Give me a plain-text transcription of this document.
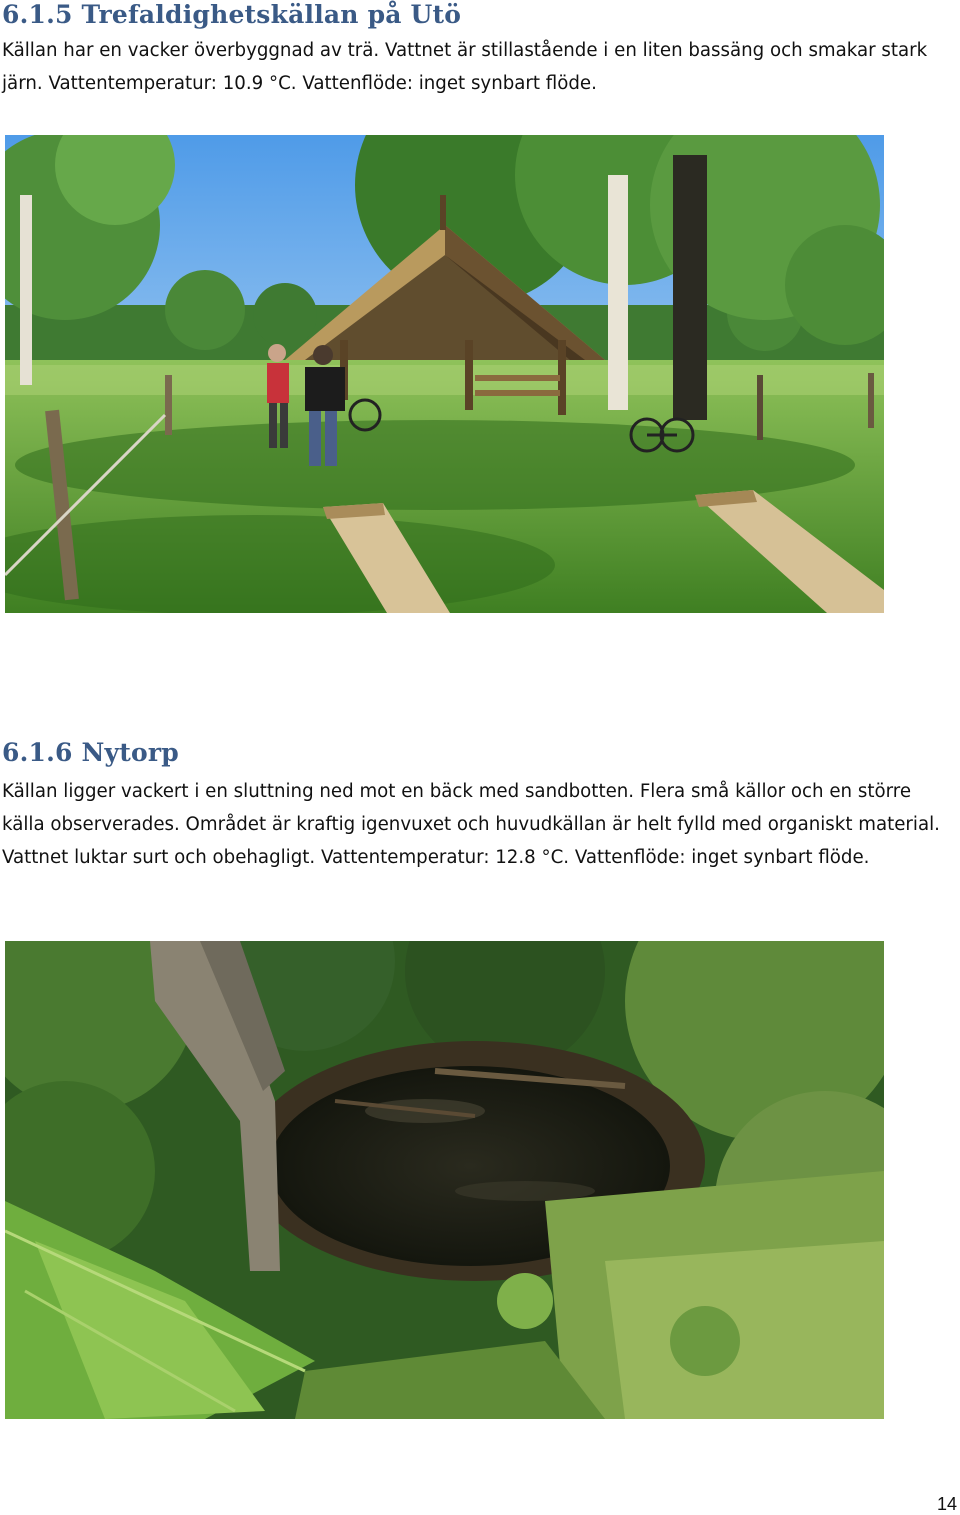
6.1.5 Trefaldighetskällan på Utö

Källan har en vacker överbyggnad av trä. Vattnet är stillastående i en liten bassäng och smakar stark järn. Vattentemperatur: 10.9 °C. Vattenflöde: inget synbart flöde.

6.1.6 Nytorp

Källan ligger vackert i en sluttning ned mot en bäck med sandbotten. Flera små källor och en större källa observerades. Området är kraftig igenvuxet och huvudkällan är helt fylld med organiskt material. Vattnet luktar surt och obehagligt. Vattentemperatur: 12.8 °C. Vattenflöde: inget synbart flöde.

14
